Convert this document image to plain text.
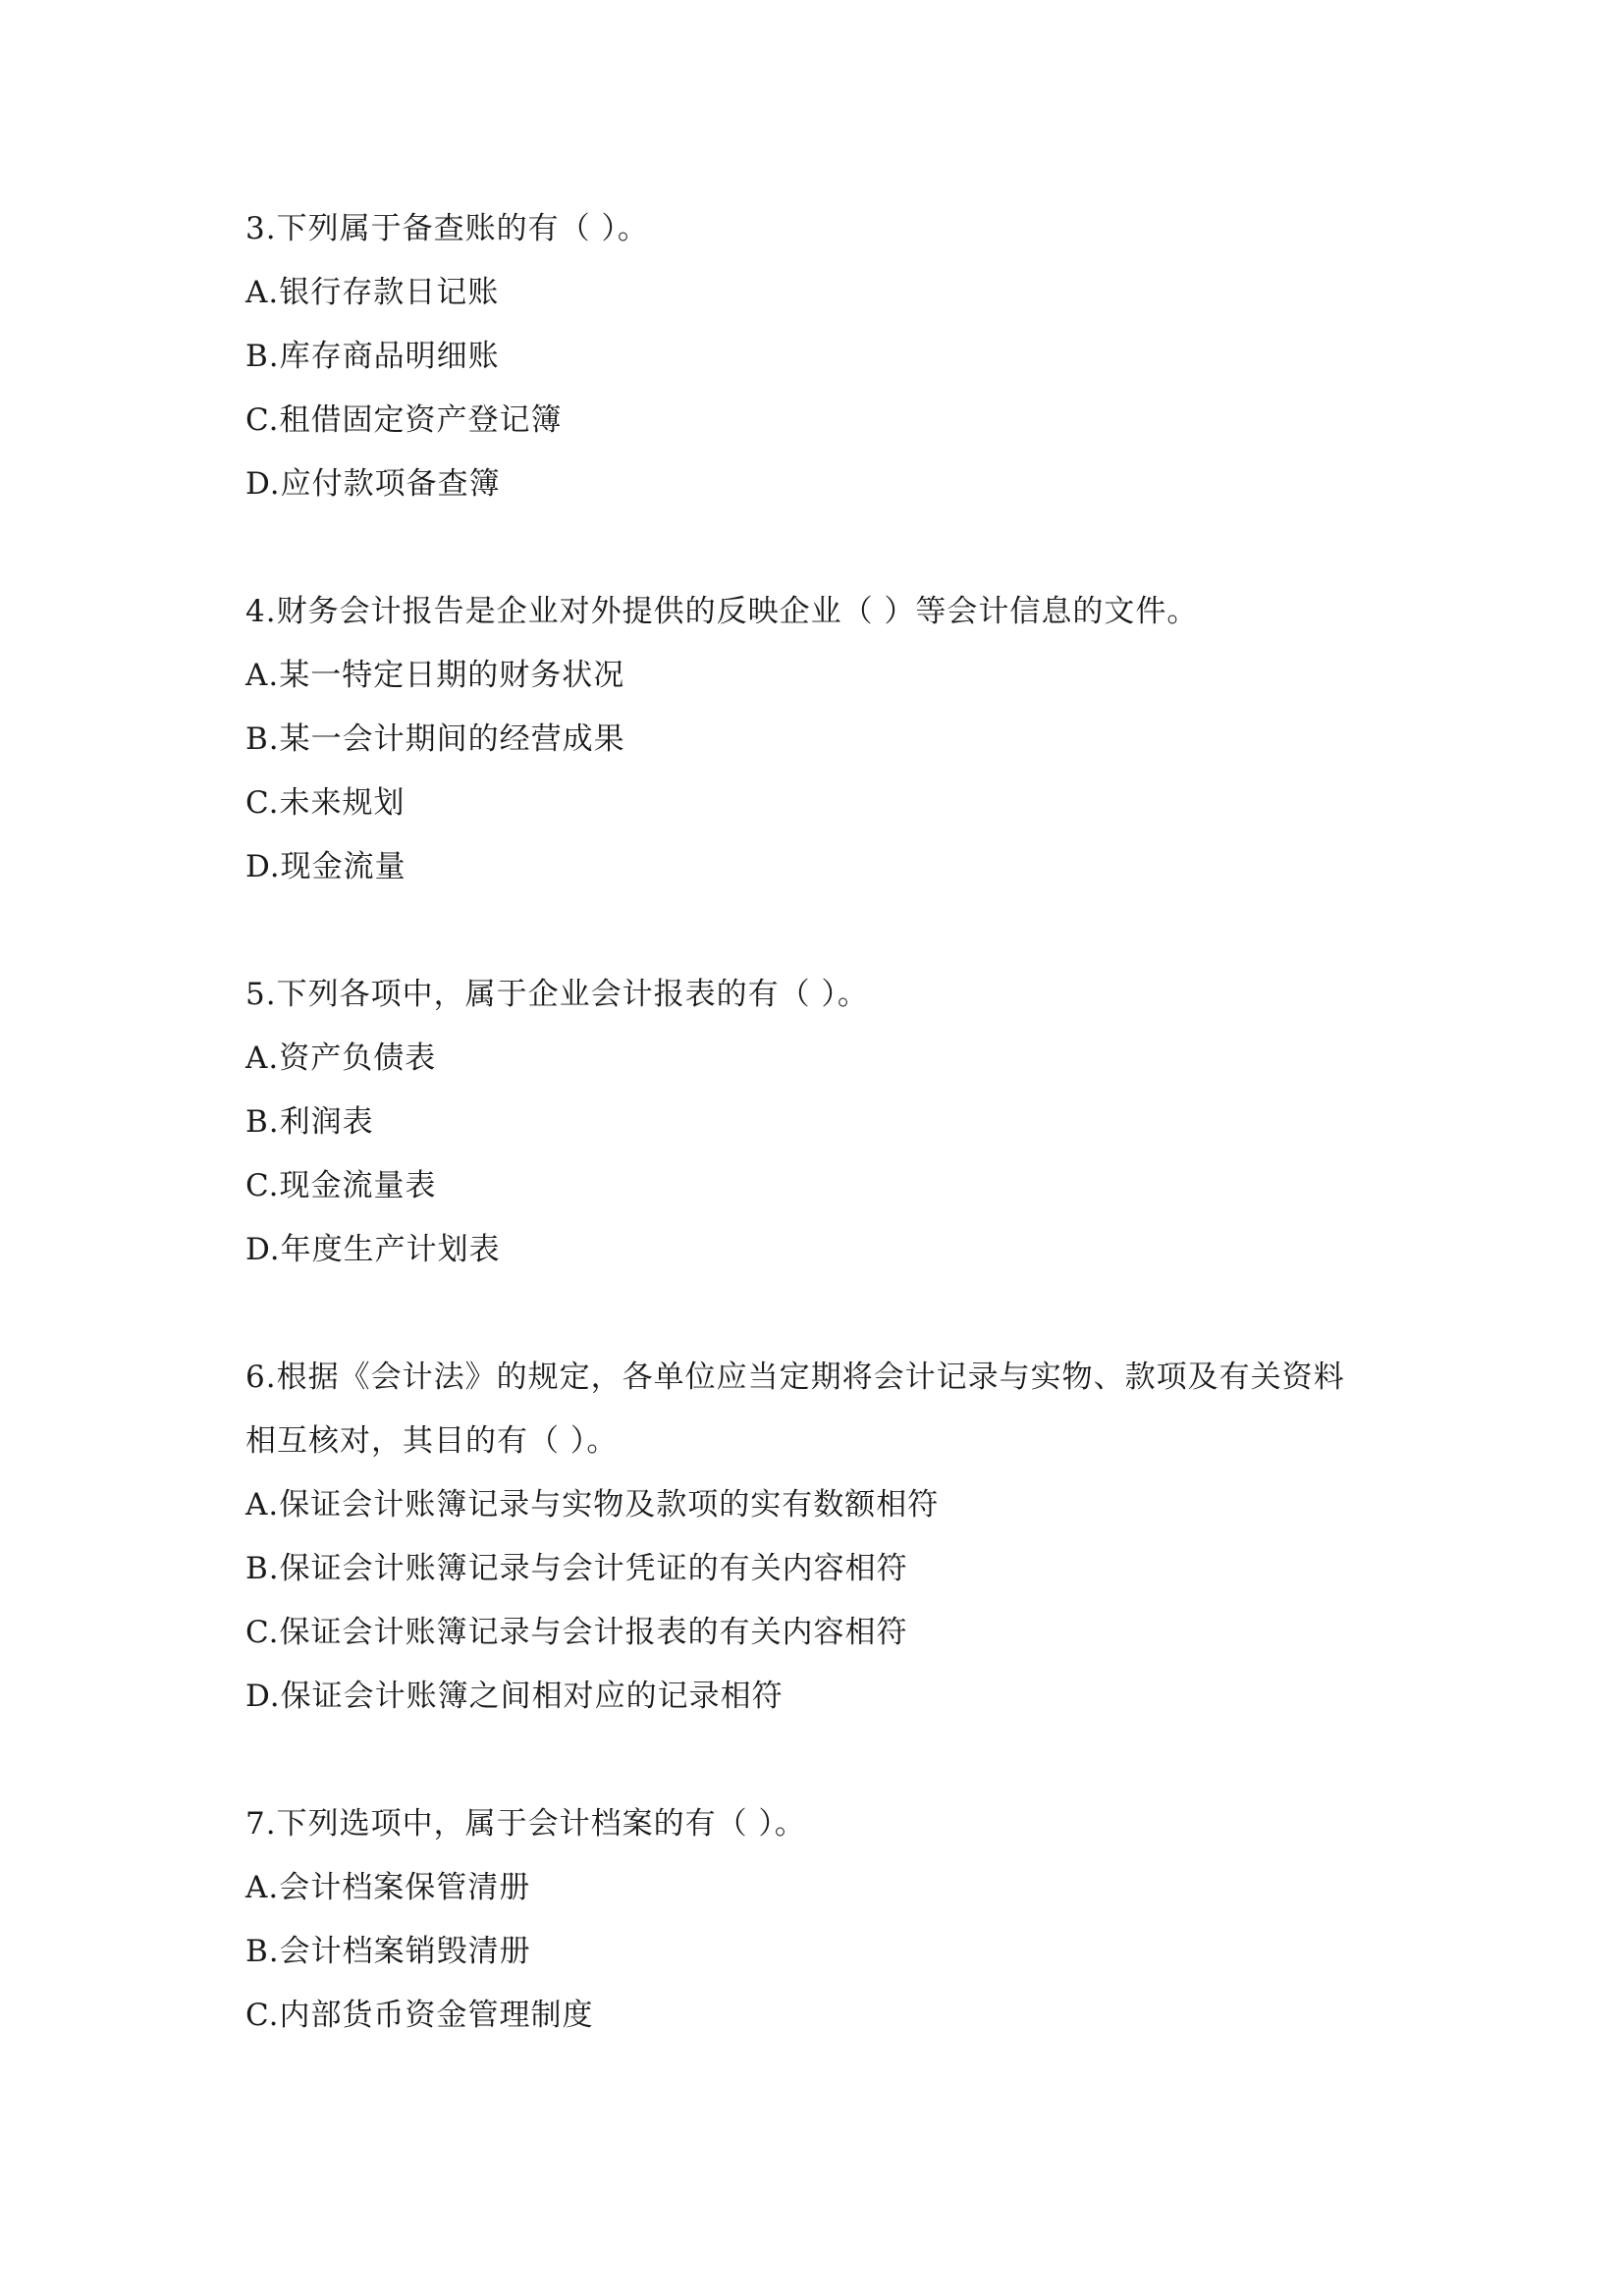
3.下列属于备查账的有（ ）。
A.银行存款日记账
B.库存商品明细账
C.租借固定资产登记簿
D.应付款项备查簿
4.财务会计报告是企业对外提供的反映企业（ ）等会计信息的文件。
A.某一特定日期的财务状况
B.某一会计期间的经营成果
C.未来规划
D.现金流量
5.下列各项中，属于企业会计报表的有（ ）。
A.资产负债表
B.利润表
C.现金流量表
D.年度生产计划表
6.根据《会计法》的规定，各单位应当定期将会计记录与实物、款项及有关资料
相互核对，其目的有（ ）。
A.保证会计账簿记录与实物及款项的实有数额相符
B.保证会计账簿记录与会计凭证的有关内容相符
C.保证会计账簿记录与会计报表的有关内容相符
D.保证会计账簿之间相对应的记录相符
7.下列选项中，属于会计档案的有（ ）。
A.会计档案保管清册
B.会计档案销毁清册
C.内部货币资金管理制度
